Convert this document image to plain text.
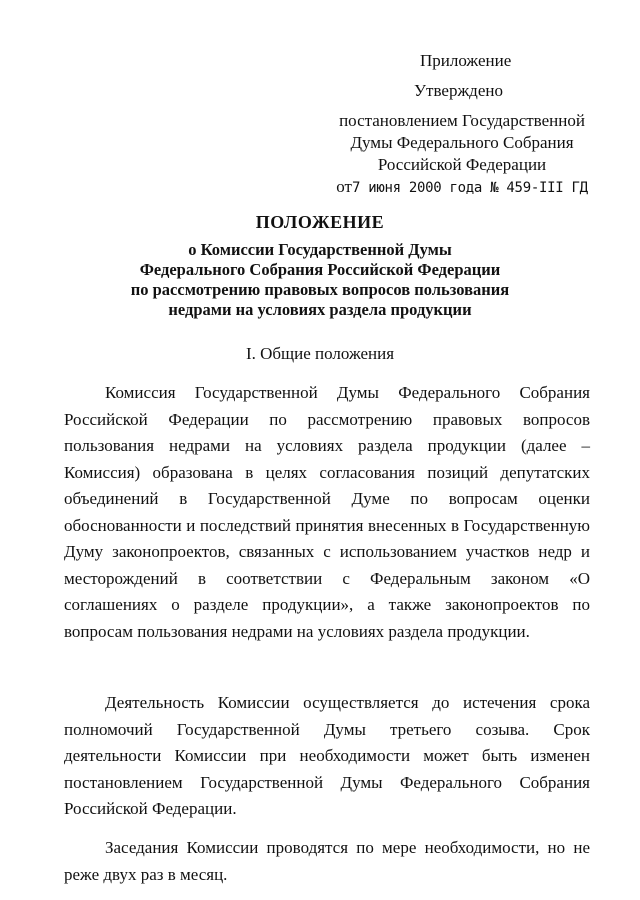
Приложение
Утверждено
постановлением Государственной
Думы Федерального Собрания
Российской Федерации
от7 июня 2000 года № 459-III ГД
ПОЛОЖЕНИЕ
о Комиссии Государственной Думы
Федерального Собрания Российской Федерации
по рассмотрению правовых вопросов пользования
недрами на условиях раздела продукции
I. Общие положения

Комиссия Государственной Думы Федерального Собрания Российской Федерации по рассмотрению правовых вопросов пользования недрами на условиях раздела продукции (далее – Комиссия) образована в целях согласования позиций депутатских объединений в Государственной Думе по вопросам оценки обоснованности и последствий принятия внесенных в Государственную Думу законопроектов, связанных с использованием участков недр и месторождений в соответствии с Федеральным законом «О соглашениях о разделе продукции», а также законопроектов по вопросам пользования недрами на условиях раздела продукции.

Деятельность Комиссии осуществляется до истечения срока полномочий Государственной Думы третьего созыва. Срок деятельности Комиссии при необходимости может быть изменен постановлением Государственной Думы Федерального Собрания Российской Федерации.

Заседания Комиссии проводятся по мере необходимости, но не реже двух раз в месяц.
